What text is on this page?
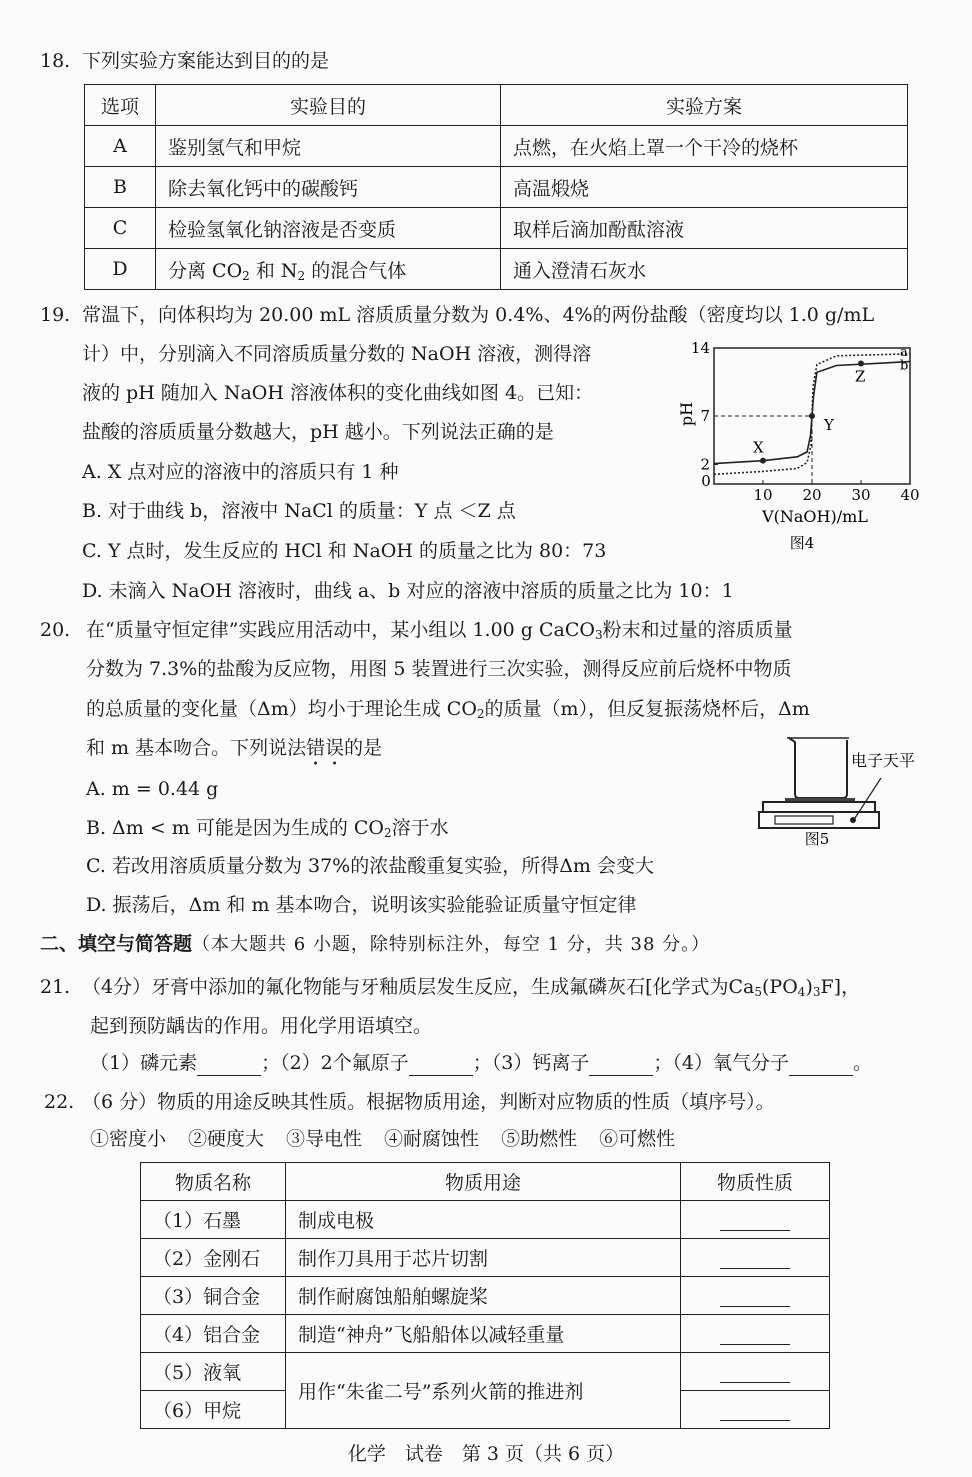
18. 下列实验方案能达到目的的是
选项	实验目的	实验方案
A	鉴别氢气和甲烷	点燃，在火焰上罩一个干冷的烧杯
B	除去氧化钙中的碳酸钙	高温煅烧
C	检验氢氧化钠溶液是否变质	取样后滴加酚酞溶液
D	分离 $CO_2$ 和 $N_2$ 的混合气体	通入澄清石灰水
19. 常温下，向体积均为 20.00 mL 溶质质量分数为 0.4%、4%的两份盐酸（密度均以 1.0 g/mL
计）中，分别滴入不同溶质质量分数的 NaOH 溶液，测得溶
液的 pH 随加入 NaOH 溶液体积的变化曲线如图 4。已知：
盐酸的溶质质量分数越大，pH 越小。下列说法正确的是
A. X 点对应的溶液中的溶质只有 1 种
B. 对于曲线 b，溶液中 NaCl 的质量：Y 点 ＜Z 点
C. Y 点时，发生反应的 HCl 和 NaOH 的质量之比为 80：73
D. 未滴入 NaOH 溶液时，曲线 a、b 对应的溶液中溶质的质量之比为 10：1
0
10 20 30 40
2
7
14	a
b
X
Y
Z
pH
V(NaOH)/mL
图4
20. 在“质量守恒定律”实践应用活动中，某小组以 1.00 g CaCO$_3$粉末和过量的溶质质量
分数为 7.3%的盐酸为反应物，用图 5 装置进行三次实验，测得反应前后烧杯中物质
的总质量的变化量（Δm）均小于理论生成 $CO_2$的质量（m），但反复振荡烧杯后，Δm
和 m 基本吻合。下列说法错误的是
A. m = 0.44 g
B. Δm < m 可能是因为生成的 $CO_2$溶于水
C. 若改用溶质质量分数为 37%的浓盐酸重复实验，所得Δm 会变大
D. 振荡后，Δm 和 m 基本吻合，说明该实验能验证质量守恒定律
电子天平
图5
二、填空与简答题（本大题共 6 小题，除特别标注外，每空 1 分，共 38 分。）
21. （4分）牙膏中添加的氟化物能与牙釉质层发生反应，生成氟磷灰石[化学式为$Ca_5(PO_4)_3F$]，
起到预防龋齿的作用。用化学用语填空。
（1）磷元素	；（2）2个氟原子	；（3）钙离子	；（4）氧气分子	。
22. （6 分）物质的用途反映其性质。根据物质用途，判断对应物质的性质（填序号）。
①密度小 ②硬度大 ③导电性 ④耐腐蚀性 ⑤助燃性 ⑥可燃性
物质名称	物质用途	物质性质
（1）石墨	制成电极	
（2）金刚石	制作刀具用于芯片切割	
（3）铜合金	制作耐腐蚀船舶螺旋桨	
（4）铝合金	制造“神舟”飞船船体以减轻重量	
（5）液氧	用作“朱雀二号”系列火箭的推进剂	
（6）甲烷		
化学　试卷　第 3 页（共 6 页）
